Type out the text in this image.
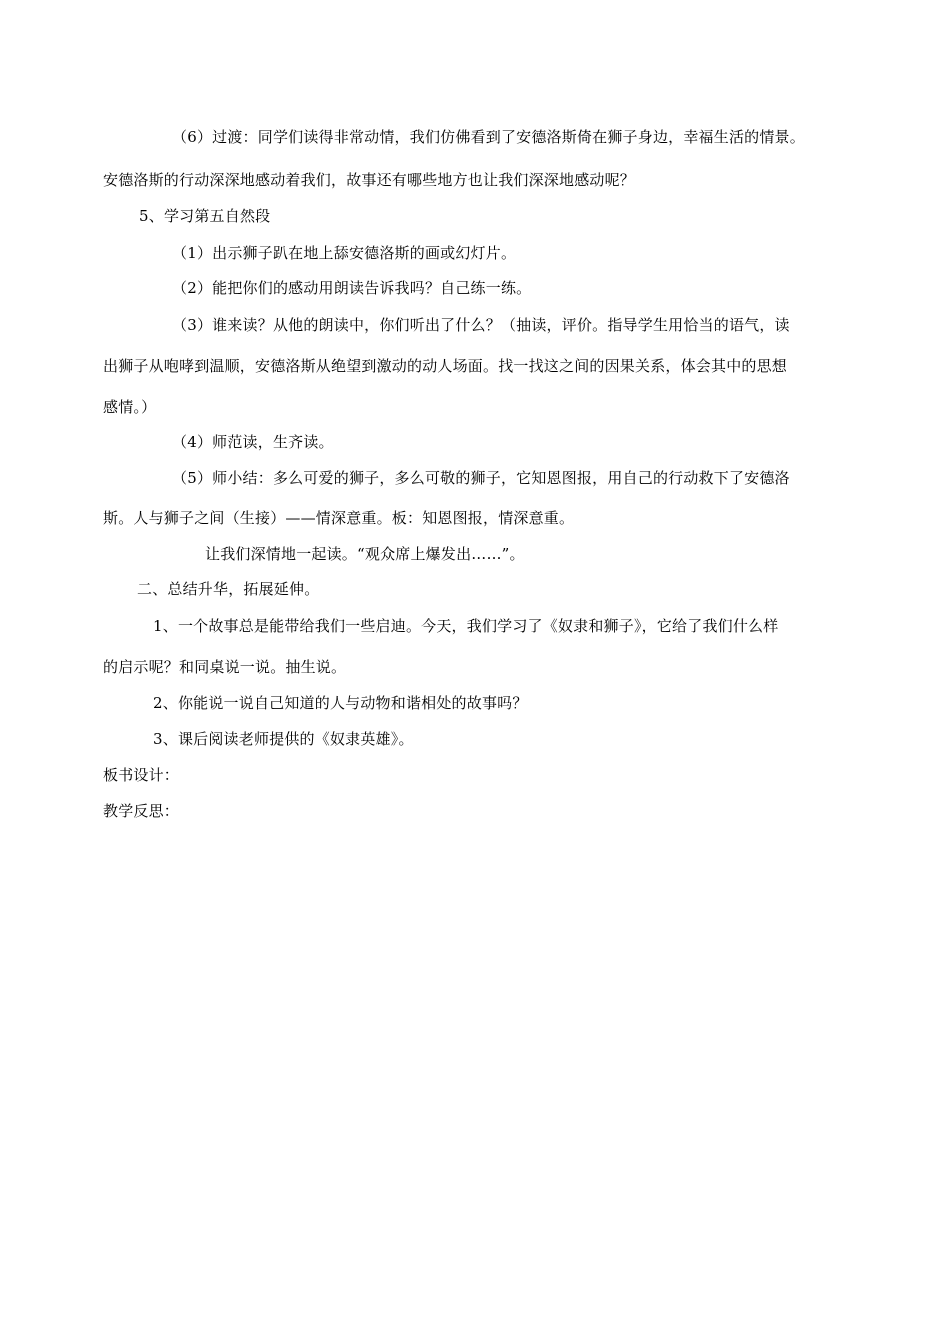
（6）过渡：同学们读得非常动情，我们仿佛看到了安德洛斯倚在狮子身边，幸福生活的情景。
安德洛斯的行动深深地感动着我们，故事还有哪些地方也让我们深深地感动呢？
5、学习第五自然段
（1）出示狮子趴在地上舔安德洛斯的画或幻灯片。
（2）能把你们的感动用朗读告诉我吗？自己练一练。
（3）谁来读？从他的朗读中，你们听出了什么？（抽读，评价。指导学生用恰当的语气，读
出狮子从咆哮到温顺，安德洛斯从绝望到激动的动人场面。找一找这之间的因果关系，体会其中的思想
感情。）
（4）师范读，生齐读。
（5）师小结：多么可爱的狮子，多么可敬的狮子，它知恩图报，用自己的行动救下了安德洛
斯。人与狮子之间（生接）——情深意重。板：知恩图报，情深意重。
让我们深情地一起读。“观众席上爆发出……”。
二、总结升华，拓展延伸。
1、一个故事总是能带给我们一些启迪。今天，我们学习了《奴隶和狮子》，它给了我们什么样
的启示呢？和同桌说一说。抽生说。
2、你能说一说自己知道的人与动物和谐相处的故事吗？
3、课后阅读老师提供的《奴隶英雄》。
板书设计：
教学反思：
